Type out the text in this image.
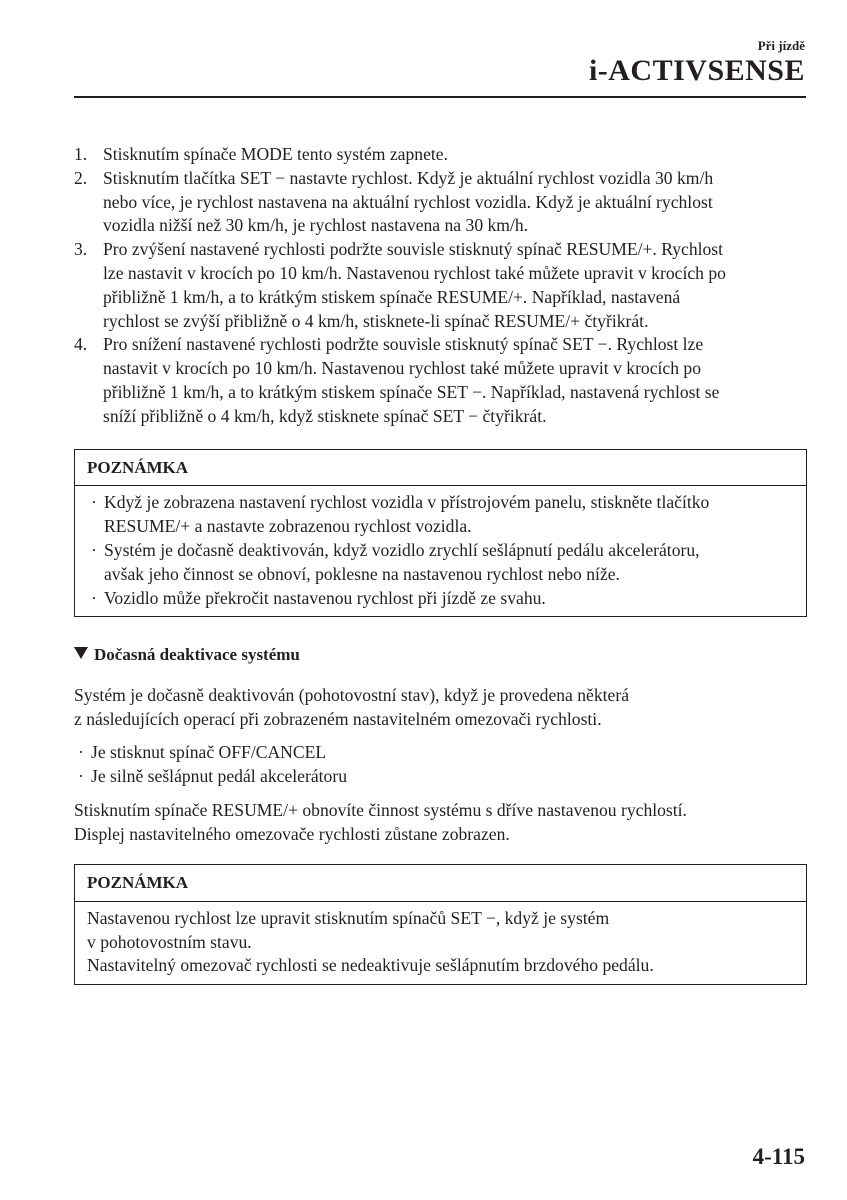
Při jízdě
i-ACTIVSENSE
1. Stisknutím spínače MODE tento systém zapnete.
2. Stisknutím tlačítka SET − nastavte rychlost. Když je aktuální rychlost vozidla 30 km/h
nebo více, je rychlost nastavena na aktuální rychlost vozidla. Když je aktuální rychlost
vozidla nižší než 30 km/h, je rychlost nastavena na 30 km/h.
3. Pro zvýšení nastavené rychlosti podržte souvisle stisknutý spínač RESUME/+. Rychlost
lze nastavit v krocích po 10 km/h. Nastavenou rychlost také můžete upravit v krocích po
přibližně 1 km/h, a to krátkým stiskem spínače RESUME/+. Například, nastavená
rychlost se zvýší přibližně o 4 km/h, stisknete-li spínač RESUME/+ čtyřikrát.
4. Pro snížení nastavené rychlosti podržte souvisle stisknutý spínač SET −. Rychlost lze
nastavit v krocích po 10 km/h. Nastavenou rychlost také můžete upravit v krocích po
přibližně 1 km/h, a to krátkým stiskem spínače SET −. Například, nastavená rychlost se
sníží přibližně o 4 km/h, když stisknete spínač SET − čtyřikrát.
POZNÁMKA
· Když je zobrazena nastavení rychlost vozidla v přístrojovém panelu, stiskněte tlačítko
RESUME/+ a nastavte zobrazenou rychlost vozidla.
· Systém je dočasně deaktivován, když vozidlo zrychlí sešlápnutí pedálu akcelerátoru,
avšak jeho činnost se obnoví, poklesne na nastavenou rychlost nebo níže.
· Vozidlo může překročit nastavenou rychlost při jízdě ze svahu.
Dočasná deaktivace systému
Systém je dočasně deaktivován (pohotovostní stav), když je provedena některá
z následujících operací při zobrazeném nastavitelném omezovači rychlosti.
· Je stisknut spínač OFF/CANCEL
· Je silně sešlápnut pedál akcelerátoru
Stisknutím spínače RESUME/+ obnovíte činnost systému s dříve nastavenou rychlostí.
Displej nastavitelného omezovače rychlosti zůstane zobrazen.
POZNÁMKA
Nastavenou rychlost lze upravit stisknutím spínačů SET −, když je systém
v pohotovostním stavu.
Nastavitelný omezovač rychlosti se nedeaktivuje sešlápnutím brzdového pedálu.
4-115
